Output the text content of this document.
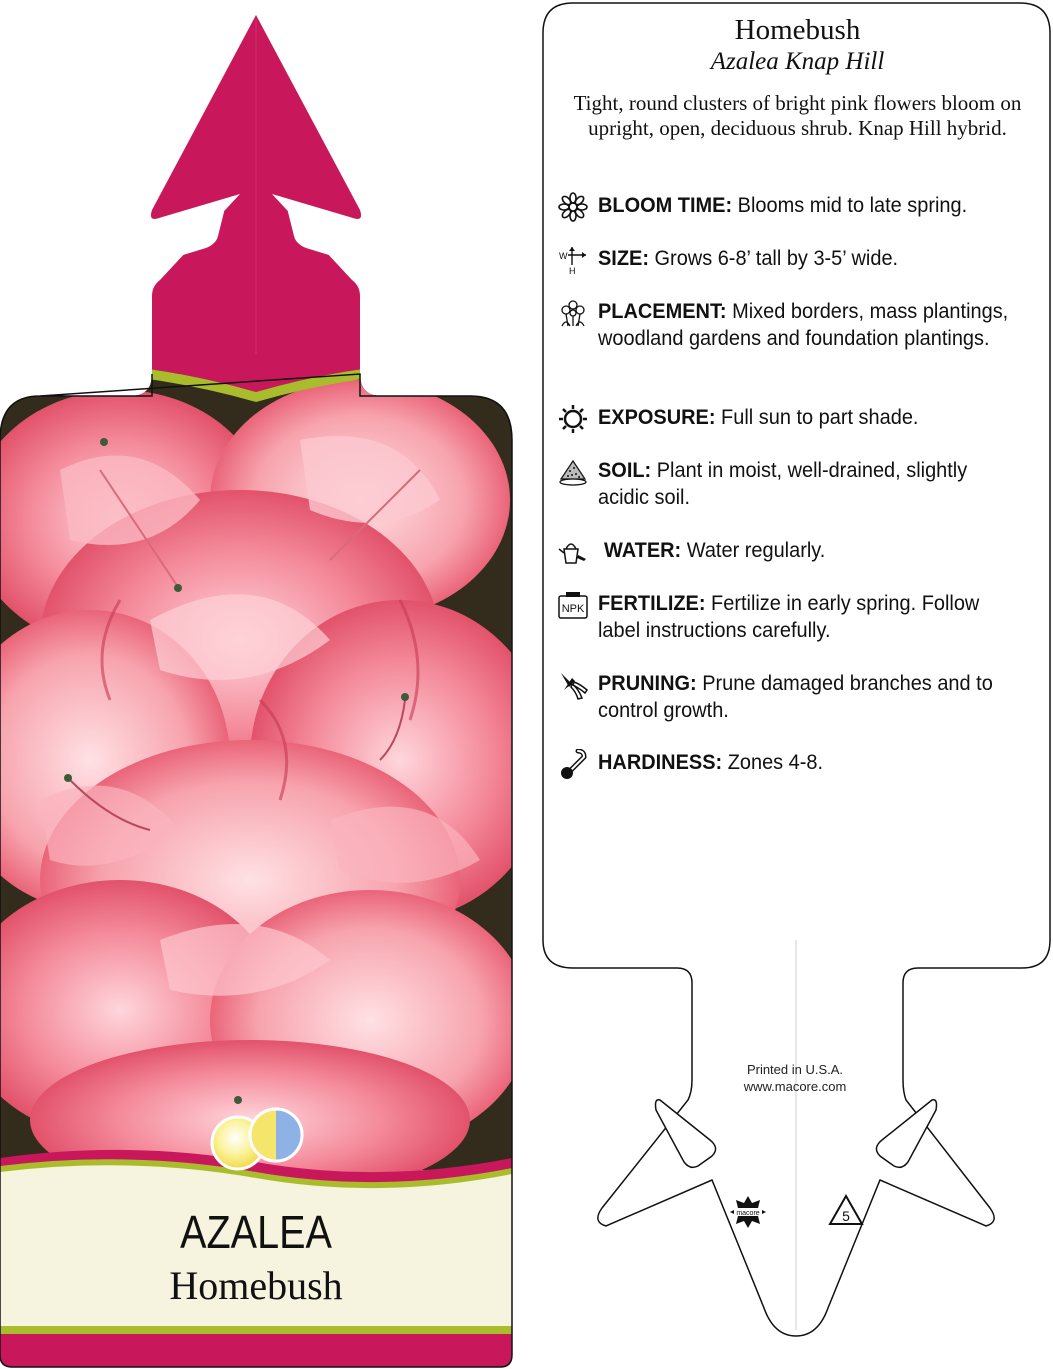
macore	5
AZALEA
Homebush
Homebush
Azalea Knap Hill
Tight, round clusters of bright pink flowers bloom on upright, open, deciduous shrub. Knap Hill hybrid.
BLOOM TIME: Blooms mid to late spring.
W
H
SIZE: Grows 6-8’ tall by 3-5’ wide.
PLACEMENT: Mixed borders, mass plantings, woodland gardens and foundation plantings.
EXPOSURE: Full sun to part shade.
SOIL: Plant in moist, well-drained, slightly acidic soil.
WATER: Water regularly.
NPK FERTILIZE: Fertilize in early spring. Follow label instructions carefully.
PRUNING: Prune damaged branches and to control growth.
HARDINESS: Zones 4-8.
Printed in U.S.A.
www.macore.com
